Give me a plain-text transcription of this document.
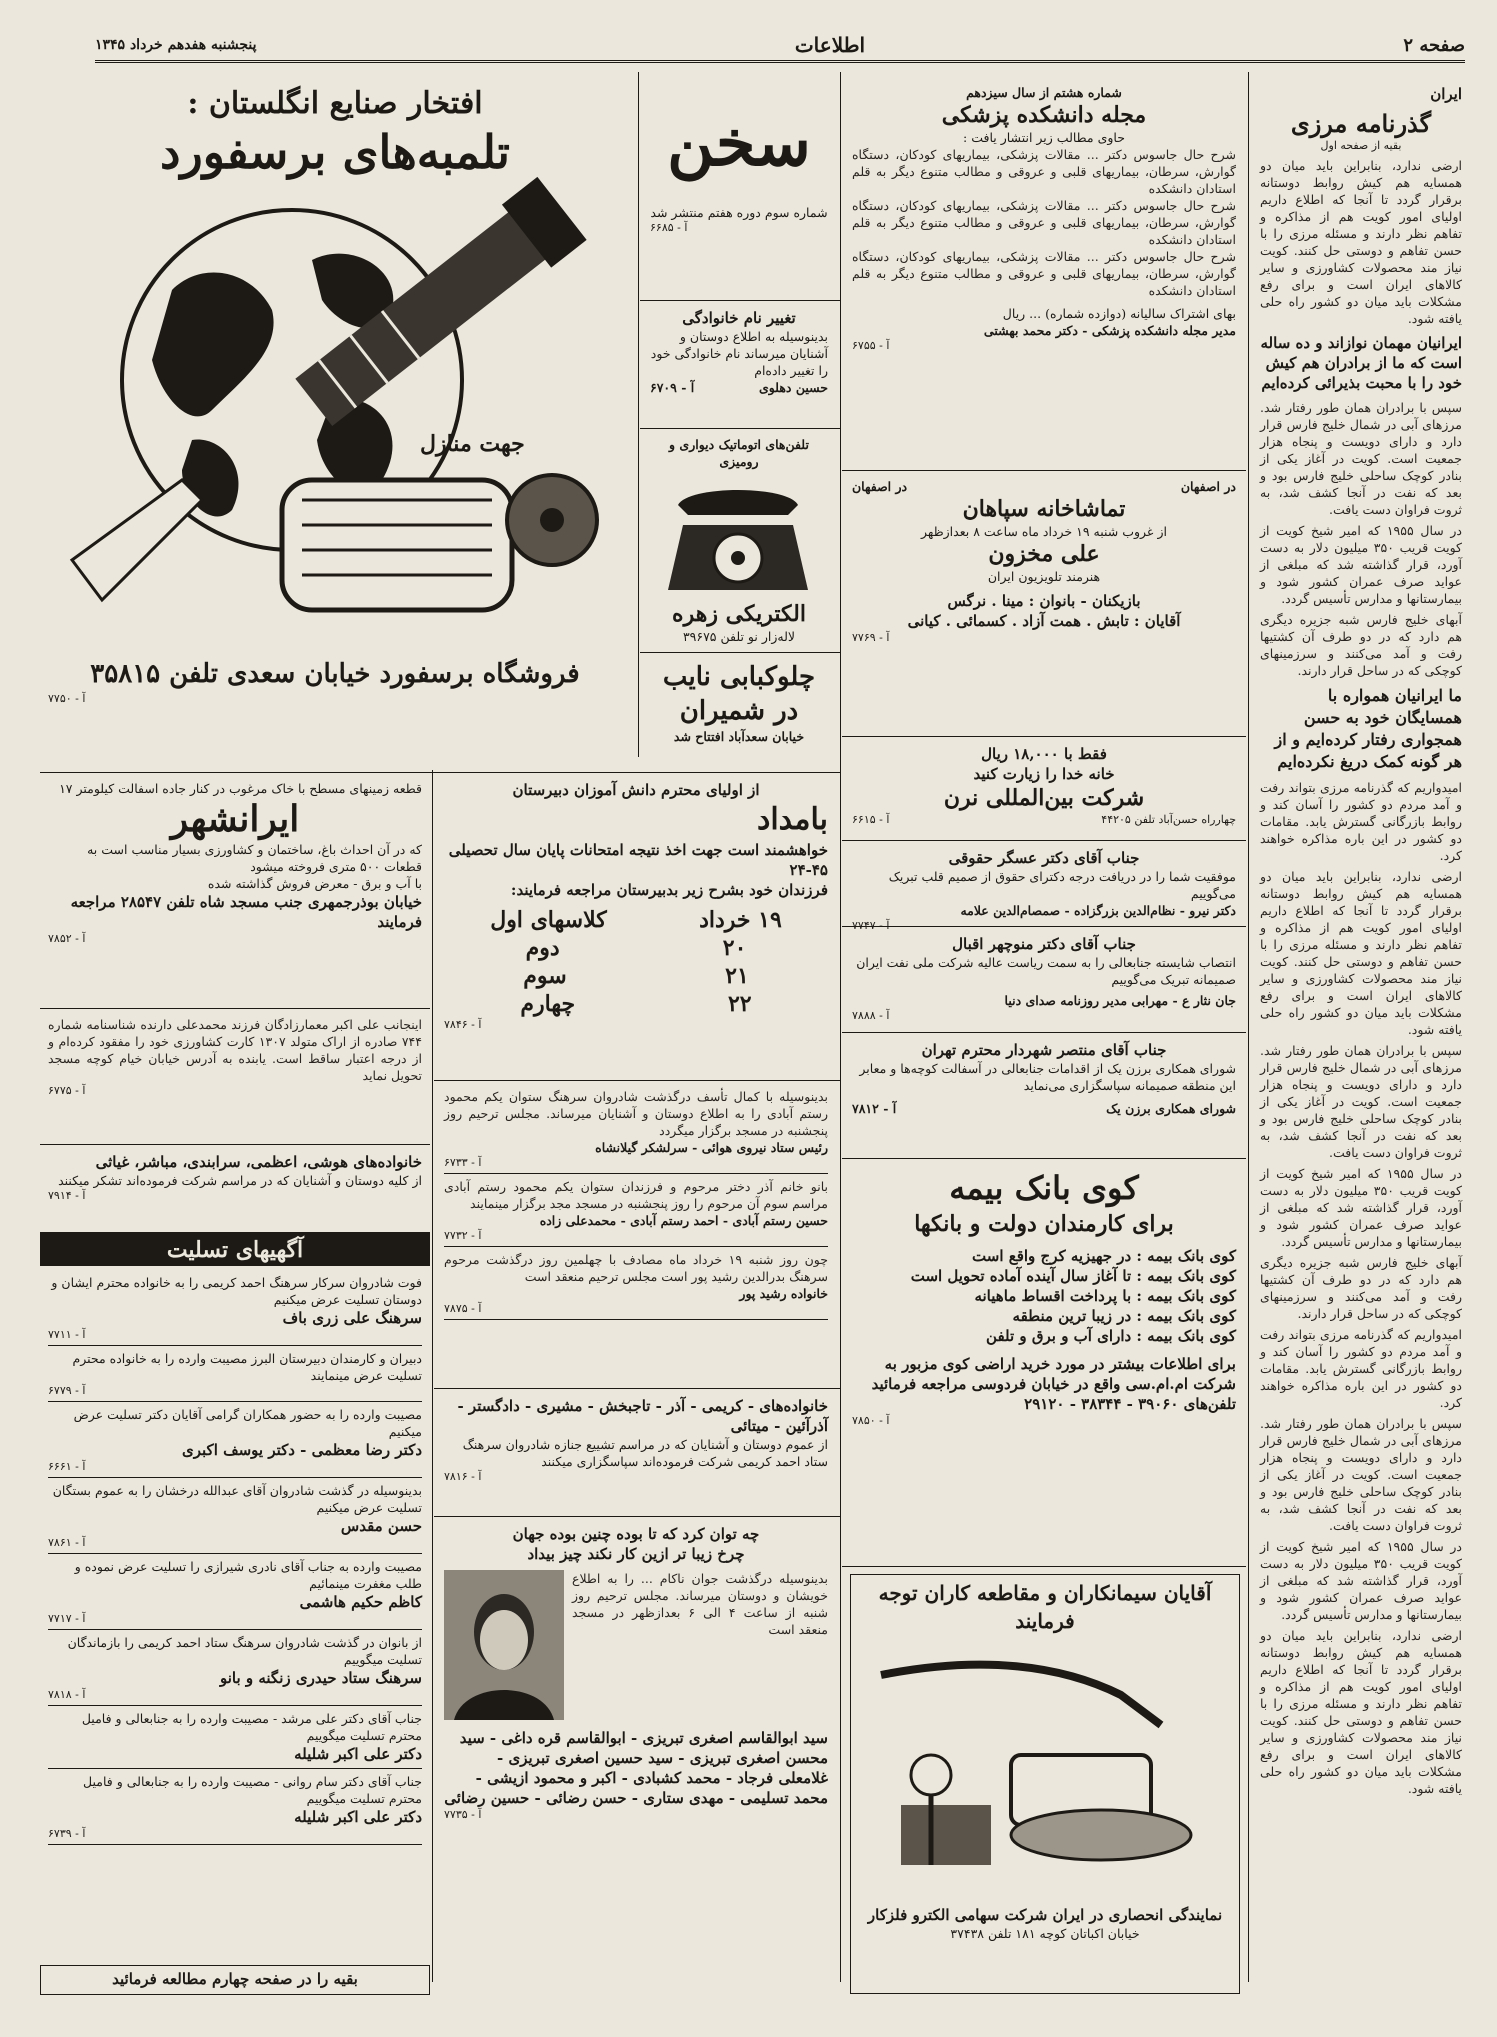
صفحه ۲
اطلاعات
پنجشنبه هفدهم خرداد ۱۳۴۵
ایران
گذرنامه مرزی
بقیه از صفحه اول
ارضی ندارد، بنابراین باید میان دو همسایه هم کیش روابط دوستانه برقرار گردد تا آنجا که اطلاع داریم اولیای امور کویت هم از مذاکره و تفاهم نظر دارند و مسئله مرزی را با حسن تفاهم و دوستی حل کنند. کویت نیاز مند محصولات کشاورزی و سایر کالاهای ایران است و برای رفع مشکلات باید میان دو کشور راه حلی یافته شود.
ایرانیان مهمان نوازاند و ده ساله است که ما از برادران هم کیش خود را با محبت بذیرائی کرده‌ایم
سپس با برادران همان طور رفتار شد. مرزهای آبی در شمال خلیج فارس قرار دارد و دارای دویست و پنجاه هزار جمعیت است. کویت در آغاز یکی از بنادر کوچک ساحلی خلیج فارس بود و بعد که نفت در آنجا کشف شد، به ثروت فراوان دست یافت.
در سال ۱۹۵۵ که امیر شیخ کویت از کویت قریب ۳۵۰ میلیون دلار به دست آورد، قرار گذاشته شد که مبلغی از عواید صرف عمران کشور شود و بیمارستانها و مدارس تأسیس گردد.
آبهای خلیج فارس شبه جزیره دیگری هم دارد که در دو طرف آن کشتیها رفت و آمد می‌کنند و سرزمینهای کوچکی که در ساحل قرار دارند.
ما ایرانیان همواره با همسایگان خود به حسن همجواری رفتار کرده‌ایم و از هر گونه کمک دریغ نکرده‌ایم
امیدواریم که گذرنامه مرزی بتواند رفت و آمد مردم دو کشور را آسان کند و روابط بازرگانی گسترش یابد. مقامات دو کشور در این باره مذاکره خواهند کرد.
ارضی ندارد، بنابراین باید میان دو همسایه هم کیش روابط دوستانه برقرار گردد تا آنجا که اطلاع داریم اولیای امور کویت هم از مذاکره و تفاهم نظر دارند و مسئله مرزی را با حسن تفاهم و دوستی حل کنند. کویت نیاز مند محصولات کشاورزی و سایر کالاهای ایران است و برای رفع مشکلات باید میان دو کشور راه حلی یافته شود.
سپس با برادران همان طور رفتار شد. مرزهای آبی در شمال خلیج فارس قرار دارد و دارای دویست و پنجاه هزار جمعیت است. کویت در آغاز یکی از بنادر کوچک ساحلی خلیج فارس بود و بعد که نفت در آنجا کشف شد، به ثروت فراوان دست یافت.
در سال ۱۹۵۵ که امیر شیخ کویت از کویت قریب ۳۵۰ میلیون دلار به دست آورد، قرار گذاشته شد که مبلغی از عواید صرف عمران کشور شود و بیمارستانها و مدارس تأسیس گردد.
آبهای خلیج فارس شبه جزیره دیگری هم دارد که در دو طرف آن کشتیها رفت و آمد می‌کنند و سرزمینهای کوچکی که در ساحل قرار دارند.
امیدواریم که گذرنامه مرزی بتواند رفت و آمد مردم دو کشور را آسان کند و روابط بازرگانی گسترش یابد. مقامات دو کشور در این باره مذاکره خواهند کرد.
سپس با برادران همان طور رفتار شد. مرزهای آبی در شمال خلیج فارس قرار دارد و دارای دویست و پنجاه هزار جمعیت است. کویت در آغاز یکی از بنادر کوچک ساحلی خلیج فارس بود و بعد که نفت در آنجا کشف شد، به ثروت فراوان دست یافت.
در سال ۱۹۵۵ که امیر شیخ کویت از کویت قریب ۳۵۰ میلیون دلار به دست آورد، قرار گذاشته شد که مبلغی از عواید صرف عمران کشور شود و بیمارستانها و مدارس تأسیس گردد.
ارضی ندارد، بنابراین باید میان دو همسایه هم کیش روابط دوستانه برقرار گردد تا آنجا که اطلاع داریم اولیای امور کویت هم از مذاکره و تفاهم نظر دارند و مسئله مرزی را با حسن تفاهم و دوستی حل کنند. کویت نیاز مند محصولات کشاورزی و سایر کالاهای ایران است و برای رفع مشکلات باید میان دو کشور راه حلی یافته شود.
شماره هشتم از سال سیزدهم
مجله دانشکده پزشکی
حاوی مطالب زیر انتشار یافت :
شرح حال جاسوس دکتر ... مقالات پزشکی، بیماریهای کودکان، دستگاه گوارش، سرطان، بیماریهای قلبی و عروقی و مطالب متنوع دیگر به قلم استادان دانشکده
شرح حال جاسوس دکتر ... مقالات پزشکی، بیماریهای کودکان، دستگاه گوارش، سرطان، بیماریهای قلبی و عروقی و مطالب متنوع دیگر به قلم استادان دانشکده
شرح حال جاسوس دکتر ... مقالات پزشکی، بیماریهای کودکان، دستگاه گوارش، سرطان، بیماریهای قلبی و عروقی و مطالب متنوع دیگر به قلم استادان دانشکده
بهای اشتراک سالیانه (دوازده شماره) ... ریال
مدیر مجله دانشکده پزشکی - دکتر محمد بهشتی
آ - ۶۷۵۵
در اصفهان
در اصفهان
تماشاخانه سپاهان
از غروب شنبه ۱۹ خرداد ماه ساعت ۸ بعدازظهر
علی مخزون
هنرمند تلویزیون ایران
بازیکنان - بانوان : مینا . نرگس
آقایان : تابش . همت آزاد . کسمائی . کیانی
آ - ۷۷۶۹
فقط با ۱۸,۰۰۰ ریال
خانه خدا را زیارت کنید
شرکت بین‌المللی نرن
چهارراه حسن‌آباد تلفن ۴۴۲۰۵
آ - ۶۶۱۵
جناب آقای دکتر عسگر حقوقی
موفقیت شما را در دریافت درجه دکترای حقوق از صمیم قلب تبریک می‌گوییم
دکتر نیرو - نظام‌الدین بزرگزاده - صمصام‌الدین علامه
آ - ۷۷۴۷
جناب آقای دکتر منوچهر اقبال
انتصاب شایسته جنابعالی را به سمت ریاست عالیه شرکت ملی نفت ایران صمیمانه تبریک می‌گوییم
جان نثار ع - مهرابی مدیر روزنامه صدای دنیا
آ - ۷۸۸۸
جناب آقای منتصر شهردار محترم تهران
شورای همکاری برزن یک از اقدامات جنابعالی در آسفالت کوچه‌ها و معابر این منطقه صمیمانه سپاسگزاری می‌نماید
شورای همکاری برزن یک
آ - ۷۸۱۲
کوی بانک بیمه
برای کارمندان دولت و بانکها
کوی بانک بیمه : در جهیزیه کرج واقع است
کوی بانک بیمه : تا آغاز سال آینده آماده تحویل است
کوی بانک بیمه : با پرداخت اقساط ماهیانه
کوی بانک بیمه : در زیبا ترین منطقه
کوی بانک بیمه : دارای آب و برق و تلفن
برای اطلاعات بیشتر در مورد خرید اراضی کوی مزبور به شرکت ام.ام.سی واقع در خیابان فردوسی مراجعه فرمائید
تلفن‌های ۳۹۰۶۰ - ۳۸۳۴۴ - ۲۹۱۲۰
آ - ۷۸۵۰
آقایان سیمانکاران و مقاطعه کاران توجه فرمایند
نمایندگی انحصاری در ایران شرکت سهامی الکترو فلزکار
خیابان اکباتان کوچه ۱۸۱ تلفن ۳۷۴۳۸
سخن
شماره سوم دوره هفتم منتشر شد
آ - ۶۶۸۵
تغییر نام خانوادگی
بدینوسیله به اطلاع دوستان و آشنایان میرساند نام خانوادگی خود را تغییر داده‌ام
حسین دهلوی
آ - ۶۷۰۹
تلفن‌های اتوماتیک دیواری و رومیزی
الکتریکی زهره
لاله‌زار نو تلفن ۳۹۶۷۵
چلوکبابی نایب
در شمیران
خیابان سعدآباد افتتاح شد
افتخار صنایع انگلستان :
تلمبه‌های برسفورد
جهت منازل
فروشگاه برسفورد خیابان سعدی تلفن ۳۵۸۱۵
آ - ۷۷۵۰
قطعه زمینهای مسطح با خاک مرغوب در کنار جاده اسفالت کیلومتر ۱۷
ایرانشهر
که در آن احداث باغ، ساختمان و کشاورزی بسیار مناسب است به قطعات ۵۰۰ متری فروخته میشود
با آب و برق - معرض فروش گذاشته شده
خیابان بوذرجمهری جنب مسجد شاه تلفن ۲۸۵۴۷ مراجعه فرمایند
آ - ۷۸۵۲
اینجانب علی اکبر معمارزادگان فرزند محمدعلی دارنده شناسنامه شماره ۷۴۴ صادره از اراک متولد ۱۳۰۷ کارت کشاورزی خود را مفقود کرده‌ام و از درجه اعتبار ساقط است. یابنده به آدرس خیابان خیام کوچه مسجد تحویل نماید
آ - ۶۷۷۵
خانواده‌های هوشی، اعظمی، سرابندی، مباشر، غیاثی
از کلیه دوستان و آشنایان که در مراسم شرکت فرموده‌اند تشکر میکنند
آ - ۷۹۱۴
آگهیهای تسلیت
فوت شادروان سرکار سرهنگ احمد کریمی را به خانواده محترم ایشان و دوستان تسلیت عرض میکنیم
سرهنگ علی زری باف
آ - ۷۷۱۱
دبیران و کارمندان دبیرستان البرز مصیبت وارده را به خانواده محترم تسلیت عرض مینمایند
آ - ۶۷۷۹
مصیبت وارده را به حضور همکاران گرامی آقایان دکتر تسلیت عرض میکنیم
دکتر رضا معظمی - دکتر یوسف اکبری
آ - ۶۶۶۱
بدینوسیله در گذشت شادروان آقای عبدالله درخشان را به عموم بستگان تسلیت عرض میکنیم
حسن مقدس
آ - ۷۸۶۱
مصیبت وارده به جناب آقای نادری شیرازی را تسلیت عرض نموده و طلب مغفرت مینمائیم
کاظم حکیم هاشمی
آ - ۷۷۱۷
از بانوان در گذشت شادروان سرهنگ ستاد احمد کریمی را بازماندگان تسلیت میگوییم
سرهنگ ستاد حیدری زنگنه و بانو
آ - ۷۸۱۸
جناب آقای دکتر علی مرشد - مصیبت وارده را به جنابعالی و فامیل محترم تسلیت میگوییم
دکتر علی اکبر شلیله
جناب آقای دکتر سام روانی - مصیبت وارده را به جنابعالی و فامیل محترم تسلیت میگوییم
دکتر علی اکبر شلیله
آ - ۶۷۳۹
بقیه را در صفحه چهارم مطالعه فرمائید
از اولیای محترم دانش آموزان دبیرستان
بامداد
خواهشمند است جهت اخذ نتیجه امتحانات پایان سال تحصیلی ۴۵-۲۴
فرزندان خود بشرح زیر بدبیرستان مراجعه فرمایند:
۱۹ خرداد
کلاسهای اول
۲۰
دوم
۲۱
سوم
۲۲
چهارم
آ - ۷۸۴۶
بدینوسیله با کمال تأسف درگذشت شادروان سرهنگ ستوان یکم محمود رستم آبادی را به اطلاع دوستان و آشنایان میرساند. مجلس ترحیم روز پنجشنبه در مسجد برگزار میگردد
رئیس ستاد نیروی هوائی - سرلشکر گیلانشاه
آ - ۶۷۳۳
بانو خانم آذر دختر مرحوم و فرزندان ستوان یکم محمود رستم آبادی مراسم سوم آن مرحوم را روز پنجشنبه در مسجد مجد برگزار مینمایند
حسین رستم آبادی - احمد رستم آبادی - محمدعلی زاده
آ - ۷۷۳۲
چون روز شنبه ۱۹ خرداد ماه مصادف با چهلمین روز درگذشت مرحوم سرهنگ بدرالدین رشید پور است مجلس ترحیم منعقد است
خانواده رشید پور
آ - ۷۸۷۵
خانواده‌های - کریمی - آذر - تاجبخش - مشیری - دادگستر - آذرآئین - میتائی
از عموم دوستان و آشنایان که در مراسم تشییع جنازه شادروان سرهنگ ستاد احمد کریمی شرکت فرموده‌اند سپاسگزاری میکنند
آ - ۷۸۱۶
چه توان کرد که تا بوده چنین بوده جهان
چرخ زیبا تر ازین کار نکند چیز بیداد
بدینوسیله درگذشت جوان ناکام ... را به اطلاع خویشان و دوستان میرساند. مجلس ترحیم روز شنبه از ساعت ۴ الی ۶ بعدازظهر در مسجد منعقد است
سید ابوالقاسم اصغری تبریزی - ابوالقاسم قره داغی - سید محسن اصغری تبریزی - سید حسین اصغری تبریزی - غلامعلی فرجاد - محمد کشبادی - اکبر و محمود ازیشی - محمد تسلیمی - مهدی ستاری - حسن رضائی - حسین رضائی
آ - ۷۷۳۵
